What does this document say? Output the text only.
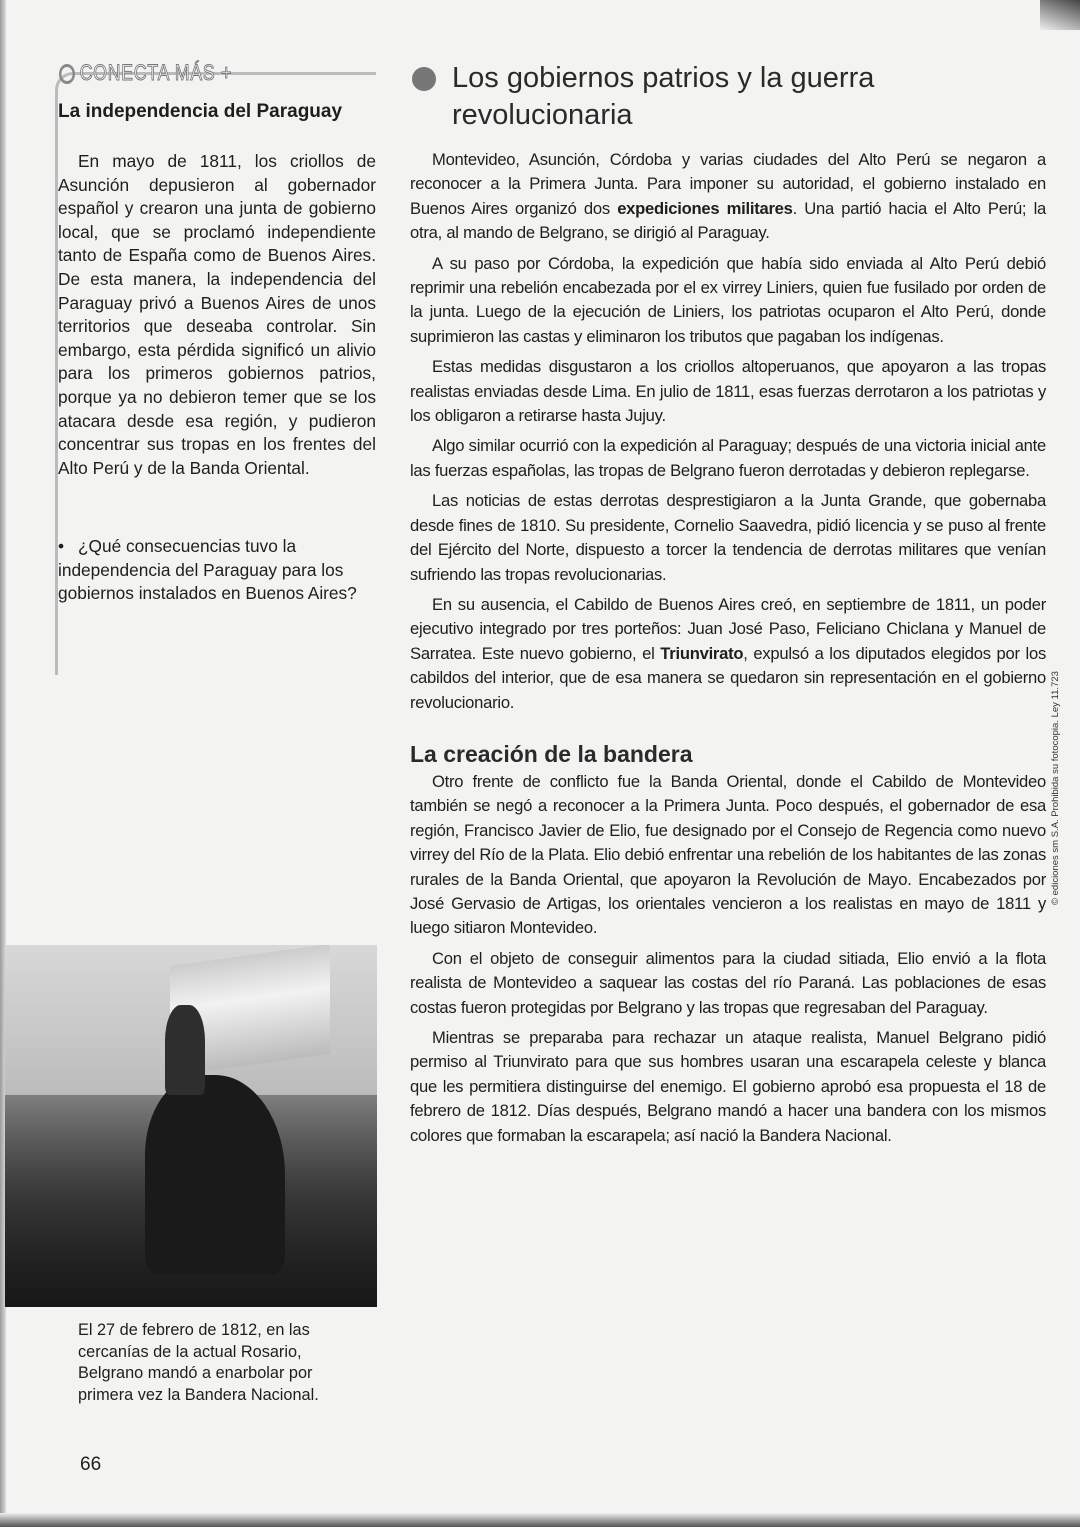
CONECTA MÁS +
La independencia del Paraguay
En mayo de 1811, los criollos de Asunción depusieron al gobernador español y crearon una junta de gobierno local, que se proclamó independiente tanto de España como de Buenos Aires. De esta manera, la independencia del Paraguay privó a Buenos Aires de unos territorios que deseaba controlar. Sin embargo, esta pérdida significó un alivio para los primeros gobiernos patrios, porque ya no debieron temer que se los atacara desde esa región, y pudieron concentrar sus tropas en los frentes del Alto Perú y de la Banda Oriental.
• ¿Qué consecuencias tuvo la independencia del Paraguay para los gobiernos instalados en Buenos Aires?
El 27 de febrero de 1812, en las cercanías de la actual Rosario, Belgrano mandó a enarbolar por primera vez la Bandera Nacional.
66
Los gobiernos patrios y la guerra revolucionaria

Montevideo, Asunción, Córdoba y varias ciudades del Alto Perú se negaron a reconocer a la Primera Junta. Para imponer su autoridad, el gobierno instalado en Buenos Aires organizó dos expediciones militares. Una partió hacia el Alto Perú; la otra, al mando de Belgrano, se dirigió al Paraguay.

A su paso por Córdoba, la expedición que había sido enviada al Alto Perú debió reprimir una rebelión encabezada por el ex virrey Liniers, quien fue fusilado por orden de la junta. Luego de la ejecución de Liniers, los patriotas ocuparon el Alto Perú, donde suprimieron las castas y eliminaron los tributos que pagaban los indígenas.

Estas medidas disgustaron a los criollos altoperuanos, que apoyaron a las tropas realistas enviadas desde Lima. En julio de 1811, esas fuerzas derrotaron a los patriotas y los obligaron a retirarse hasta Jujuy.

Algo similar ocurrió con la expedición al Paraguay; después de una victoria inicial ante las fuerzas españolas, las tropas de Belgrano fueron derrotadas y debieron replegarse.

Las noticias de estas derrotas desprestigiaron a la Junta Grande, que gobernaba desde fines de 1810. Su presidente, Cornelio Saavedra, pidió licencia y se puso al frente del Ejército del Norte, dispuesto a torcer la tendencia de derrotas militares que venían sufriendo las tropas revolucionarias.

En su ausencia, el Cabildo de Buenos Aires creó, en septiembre de 1811, un poder ejecutivo integrado por tres porteños: Juan José Paso, Feliciano Chiclana y Manuel de Sarratea. Este nuevo gobierno, el Triunvirato, expulsó a los diputados elegidos por los cabildos del interior, que de esa manera se quedaron sin representación en el gobierno revolucionario.

La creación de la bandera

Otro frente de conflicto fue la Banda Oriental, donde el Cabildo de Montevideo también se negó a reconocer a la Primera Junta. Poco después, el gobernador de esa región, Francisco Javier de Elio, fue designado por el Consejo de Regencia como nuevo virrey del Río de la Plata. Elio debió enfrentar una rebelión de los habitantes de las zonas rurales de la Banda Oriental, que apoyaron la Revolución de Mayo. Encabezados por José Gervasio de Artigas, los orientales vencieron a los realistas en mayo de 1811 y luego sitiaron Montevideo.

Con el objeto de conseguir alimentos para la ciudad sitiada, Elio envió a la flota realista de Montevideo a saquear las costas del río Paraná. Las poblaciones de esas costas fueron protegidas por Belgrano y las tropas que regresaban del Paraguay.

Mientras se preparaba para rechazar un ataque realista, Manuel Belgrano pidió permiso al Triunvirato para que sus hombres usaran una escarapela celeste y blanca que les permitiera distinguirse del enemigo. El gobierno aprobó esa propuesta el 18 de febrero de 1812. Días después, Belgrano mandó a hacer una bandera con los mismos colores que formaban la escarapela; así nació la Bandera Nacional.

© ediciones sm S.A. Prohibida su fotocopia. Ley 11.723
